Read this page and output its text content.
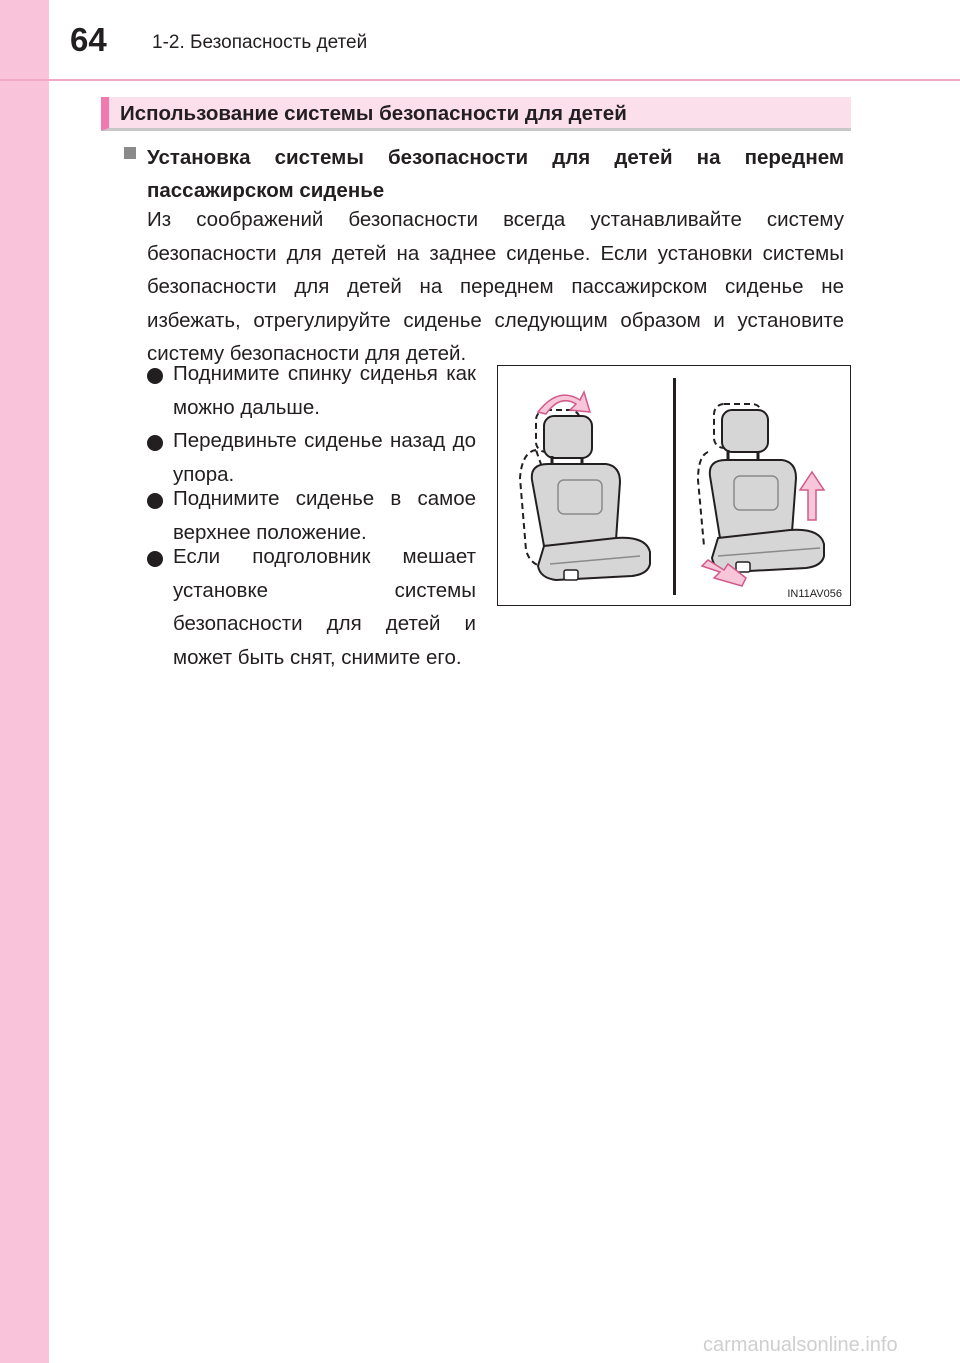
64 1-2. Безопасность детей
Использование системы безопасности для детей
Установка системы безопасности для детей на переднем пассажирском сиденье
Из соображений безопасности всегда устанавливайте систему безопасности для детей на заднее сиденье. Если установки системы безопасности для детей на переднем пассажирском сиденье не избежать, отрегулируйте сиденье следующим образом и установите систему безопасности для детей.
Поднимите спинку сиденья как можно дальше.
Передвиньте сиденье назад до упора.
Поднимите сиденье в самое верхнее положение.
Если подголовник мешает установке системы безопасности для детей и может быть снят, снимите его.
IN11AV056
carmanualsonline.info
